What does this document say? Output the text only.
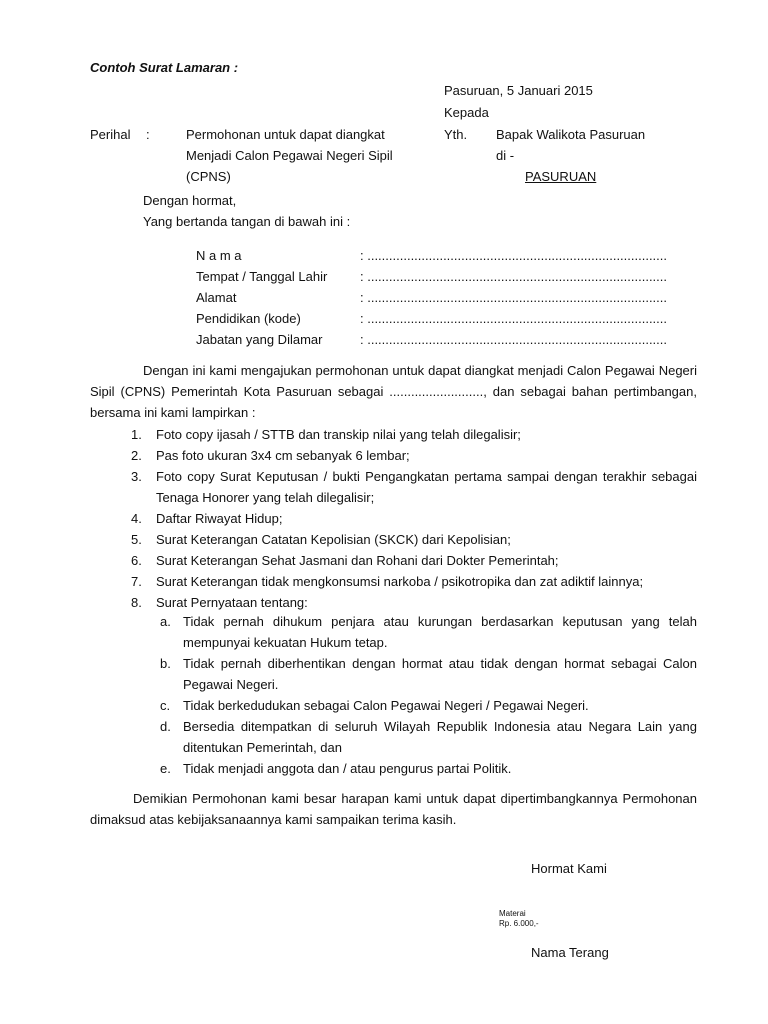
Contoh Surat Lamaran :
Pasuruan, 5 Januari 2015
Kepada
Perihal :	Permohonan untuk dapat diangkat
Menjadi Calon Pegawai Negeri Sipil
(CPNS)
Yth. Bapak Walikota Pasuruan
di -
PASURUAN
Dengan hormat,
Yang bertanda tangan di bawah ini :
N a m a	: ...................................................................................
Tempat / Tanggal Lahir	: ...................................................................................
Alamat	: ...................................................................................
Pendidikan (kode)	: ...................................................................................
Jabatan yang Dilamar	: ...................................................................................
Dengan ini kami mengajukan permohonan untuk dapat diangkat menjadi Calon Pegawai Negeri Sipil (CPNS) Pemerintah Kota Pasuruan sebagai .........................., dan sebagai bahan pertimbangan, bersama ini kami lampirkan :
1. Foto copy ijasah / STTB dan transkip nilai yang telah dilegalisir;
2. Pas foto ukuran 3x4 cm sebanyak 6 lembar;
3. Foto copy Surat Keputusan / bukti Pengangkatan pertama sampai dengan terakhir sebagai Tenaga Honorer yang telah dilegalisir;
4. Daftar Riwayat Hidup;
5. Surat Keterangan Catatan Kepolisian (SKCK) dari Kepolisian;
6. Surat Keterangan Sehat Jasmani dan Rohani dari Dokter Pemerintah;
7. Surat Keterangan tidak mengkonsumsi narkoba / psikotropika dan zat adiktif lainnya;
8. Surat Pernyataan tentang:
a. Tidak pernah dihukum penjara atau kurungan berdasarkan keputusan yang telah mempunyai kekuatan Hukum tetap.
b. Tidak pernah diberhentikan dengan hormat atau tidak dengan hormat sebagai Calon Pegawai Negeri.
c. Tidak berkedudukan sebagai Calon Pegawai Negeri / Pegawai Negeri.
d. Bersedia ditempatkan di seluruh Wilayah Republik Indonesia atau Negara Lain yang ditentukan Pemerintah, dan
e. Tidak menjadi anggota dan / atau pengurus partai Politik.
Demikian Permohonan kami besar harapan kami untuk dapat dipertimbangkannya Permohonan dimaksud atas kebijaksanaannya kami sampaikan terima kasih.
Hormat Kami
Materai
Rp. 6.000,-
Nama Terang
